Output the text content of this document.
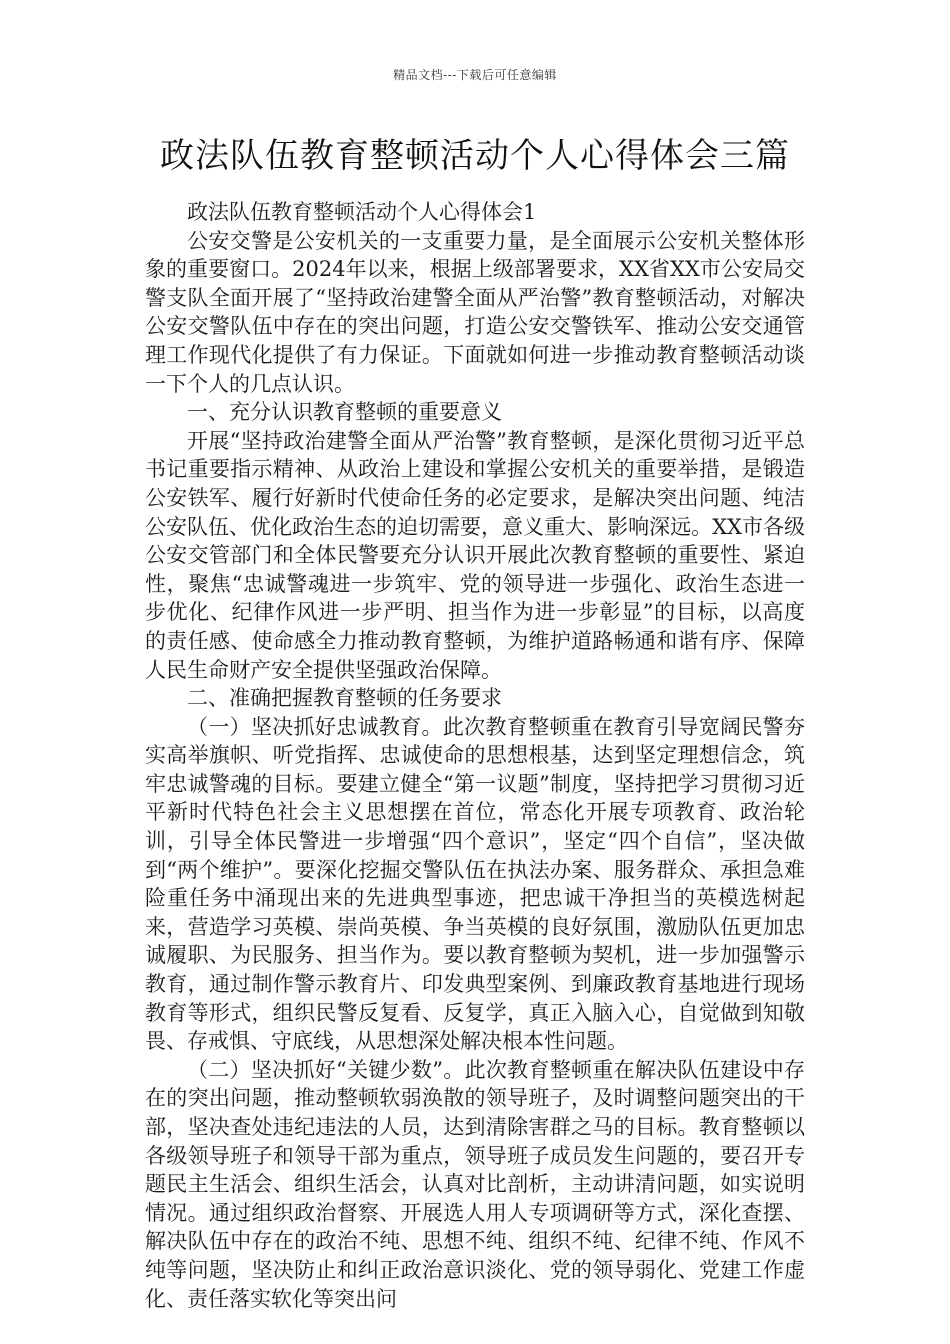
精品文档---下载后可任意编辑
政法队伍教育整顿活动个人心得体会三篇

政法队伍教育整顿活动个人心得体会1

公安交警是公安机关的一支重要力量，是全面展示公安机关整体形象的重要窗口。2024年以来，根据上级部署要求，XX省XX市公安局交警支队全面开展了“坚持政治建警全面从严治警”教育整顿活动，对解决公安交警队伍中存在的突出问题，打造公安交警铁军、推动公安交通管理工作现代化提供了有力保证。下面就如何进一步推动教育整顿活动谈一下个人的几点认识。

一、充分认识教育整顿的重要意义

开展“坚持政治建警全面从严治警”教育整顿，是深化贯彻习近平总书记重要指示精神、从政治上建设和掌握公安机关的重要举措，是锻造公安铁军、履行好新时代使命任务的必定要求，是解决突出问题、纯洁公安队伍、优化政治生态的迫切需要，意义重大、影响深远。XX市各级公安交管部门和全体民警要充分认识开展此次教育整顿的重要性、紧迫性，聚焦“忠诚警魂进一步筑牢、党的领导进一步强化、政治生态进一步优化、纪律作风进一步严明、担当作为进一步彰显”的目标，以高度的责任感、使命感全力推动教育整顿，为维护道路畅通和谐有序、保障人民生命财产安全提供坚强政治保障。

二、准确把握教育整顿的任务要求

（一）坚决抓好忠诚教育。此次教育整顿重在教育引导宽阔民警夯实高举旗帜、听党指挥、忠诚使命的思想根基，达到坚定理想信念，筑牢忠诚警魂的目标。要建立健全“第一议题”制度，坚持把学习贯彻习近平新时代特色社会主义思想摆在首位，常态化开展专项教育、政治轮训，引导全体民警进一步增强“四个意识”，坚定“四个自信”，坚决做到“两个维护”。要深化挖掘交警队伍在执法办案、服务群众、承担急难险重任务中涌现出来的先进典型事迹，把忠诚干净担当的英模选树起来，营造学习英模、崇尚英模、争当英模的良好氛围，激励队伍更加忠诚履职、为民服务、担当作为。要以教育整顿为契机，进一步加强警示教育，通过制作警示教育片、印发典型案例、到廉政教育基地进行现场教育等形式，组织民警反复看、反复学，真正入脑入心，自觉做到知敬畏、存戒惧、守底线，从思想深处解决根本性问题。

（二）坚决抓好“关键少数”。此次教育整顿重在解决队伍建设中存在的突出问题，推动整顿软弱涣散的领导班子，及时调整问题突出的干部，坚决查处违纪违法的人员，达到清除害群之马的目标。教育整顿以各级领导班子和领导干部为重点，领导班子成员发生问题的，要召开专题民主生活会、组织生活会，认真对比剖析，主动讲清问题，如实说明情况。通过组织政治督察、开展选人用人专项调研等方式，深化查摆、解决队伍中存在的政治不纯、思想不纯、组织不纯、纪律不纯、作风不纯等问题，坚决防止和纠正政治意识淡化、党的领导弱化、党建工作虚化、责任落实软化等突出问
